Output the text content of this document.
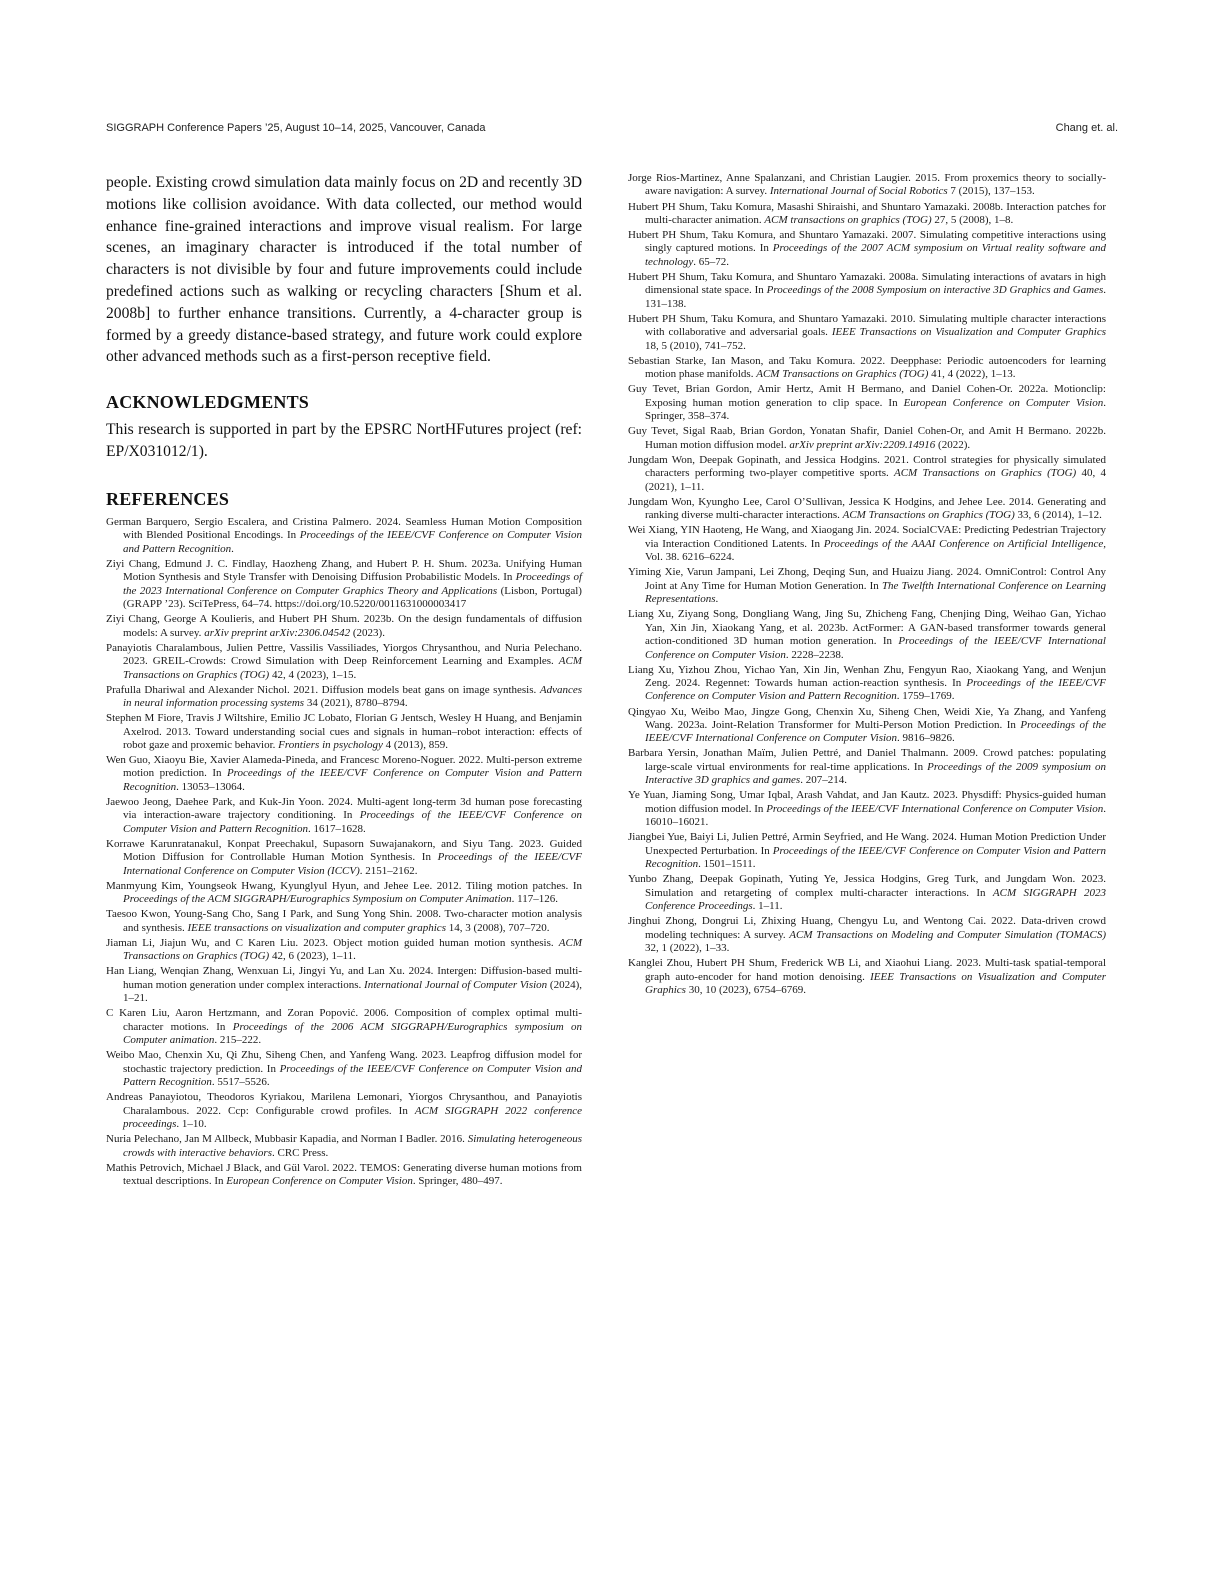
SIGGRAPH Conference Papers ’25, August 10–14, 2025, Vancouver, Canada	Chang et. al.

people. Existing crowd simulation data mainly focus on 2D and recently 3D motions like collision avoidance. With data collected, our method would enhance fine-grained interactions and improve visual realism. For large scenes, an imaginary character is introduced if the total number of characters is not divisible by four and future improvements could include predefined actions such as walking or recycling characters [Shum et al. 2008b] to further enhance transitions. Currently, a 4-character group is formed by a greedy distance-based strategy, and future work could explore other advanced methods such as a first-person receptive field.

ACKNOWLEDGMENTS

This research is supported in part by the EPSRC NortHFutures project (ref: EP/X031012/1).

REFERENCES
German Barquero, Sergio Escalera, and Cristina Palmero. 2024. Seamless Human Motion Composition with Blended Positional Encodings. In Proceedings of the IEEE/CVF Conference on Computer Vision and Pattern Recognition.
Ziyi Chang, Edmund J. C. Findlay, Haozheng Zhang, and Hubert P. H. Shum. 2023a. Unifying Human Motion Synthesis and Style Transfer with Denoising Diffusion Probabilistic Models. In Proceedings of the 2023 International Conference on Computer Graphics Theory and Applications (Lisbon, Portugal) (GRAPP ’23). SciTePress, 64–74. https://doi.org/10.5220/0011631000003417
Ziyi Chang, George A Koulieris, and Hubert PH Shum. 2023b. On the design fundamentals of diffusion models: A survey. arXiv preprint arXiv:2306.04542 (2023).
Panayiotis Charalambous, Julien Pettre, Vassilis Vassiliades, Yiorgos Chrysanthou, and Nuria Pelechano. 2023. GREIL-Crowds: Crowd Simulation with Deep Reinforcement Learning and Examples. ACM Transactions on Graphics (TOG) 42, 4 (2023), 1–15.
Prafulla Dhariwal and Alexander Nichol. 2021. Diffusion models beat gans on image synthesis. Advances in neural information processing systems 34 (2021), 8780–8794.
Stephen M Fiore, Travis J Wiltshire, Emilio JC Lobato, Florian G Jentsch, Wesley H Huang, and Benjamin Axelrod. 2013. Toward understanding social cues and signals in human–robot interaction: effects of robot gaze and proxemic behavior. Frontiers in psychology 4 (2013), 859.
Wen Guo, Xiaoyu Bie, Xavier Alameda-Pineda, and Francesc Moreno-Noguer. 2022. Multi-person extreme motion prediction. In Proceedings of the IEEE/CVF Conference on Computer Vision and Pattern Recognition. 13053–13064.
Jaewoo Jeong, Daehee Park, and Kuk-Jin Yoon. 2024. Multi-agent long-term 3d human pose forecasting via interaction-aware trajectory conditioning. In Proceedings of the IEEE/CVF Conference on Computer Vision and Pattern Recognition. 1617–1628.
Korrawe Karunratanakul, Konpat Preechakul, Supasorn Suwajanakorn, and Siyu Tang. 2023. Guided Motion Diffusion for Controllable Human Motion Synthesis. In Proceedings of the IEEE/CVF International Conference on Computer Vision (ICCV). 2151–2162.
Manmyung Kim, Youngseok Hwang, Kyunglyul Hyun, and Jehee Lee. 2012. Tiling motion patches. In Proceedings of the ACM SIGGRAPH/Eurographics Symposium on Computer Animation. 117–126.
Taesoo Kwon, Young-Sang Cho, Sang I Park, and Sung Yong Shin. 2008. Two-character motion analysis and synthesis. IEEE transactions on visualization and computer graphics 14, 3 (2008), 707–720.
Jiaman Li, Jiajun Wu, and C Karen Liu. 2023. Object motion guided human motion synthesis. ACM Transactions on Graphics (TOG) 42, 6 (2023), 1–11.
Han Liang, Wenqian Zhang, Wenxuan Li, Jingyi Yu, and Lan Xu. 2024. Intergen: Diffusion-based multi-human motion generation under complex interactions. International Journal of Computer Vision (2024), 1–21.
C Karen Liu, Aaron Hertzmann, and Zoran Popović. 2006. Composition of complex optimal multi-character motions. In Proceedings of the 2006 ACM SIGGRAPH/Eurographics symposium on Computer animation. 215–222.
Weibo Mao, Chenxin Xu, Qi Zhu, Siheng Chen, and Yanfeng Wang. 2023. Leapfrog diffusion model for stochastic trajectory prediction. In Proceedings of the IEEE/CVF Conference on Computer Vision and Pattern Recognition. 5517–5526.
Andreas Panayiotou, Theodoros Kyriakou, Marilena Lemonari, Yiorgos Chrysanthou, and Panayiotis Charalambous. 2022. Ccp: Configurable crowd profiles. In ACM SIGGRAPH 2022 conference proceedings. 1–10.
Nuria Pelechano, Jan M Allbeck, Mubbasir Kapadia, and Norman I Badler. 2016. Simulating heterogeneous crowds with interactive behaviors. CRC Press.
Mathis Petrovich, Michael J Black, and Gül Varol. 2022. TEMOS: Generating diverse human motions from textual descriptions. In European Conference on Computer Vision. Springer, 480–497.
Jorge Rios-Martinez, Anne Spalanzani, and Christian Laugier. 2015. From proxemics theory to socially-aware navigation: A survey. International Journal of Social Robotics 7 (2015), 137–153.
Hubert PH Shum, Taku Komura, Masashi Shiraishi, and Shuntaro Yamazaki. 2008b. Interaction patches for multi-character animation. ACM transactions on graphics (TOG) 27, 5 (2008), 1–8.
Hubert PH Shum, Taku Komura, and Shuntaro Yamazaki. 2007. Simulating competitive interactions using singly captured motions. In Proceedings of the 2007 ACM symposium on Virtual reality software and technology. 65–72.
Hubert PH Shum, Taku Komura, and Shuntaro Yamazaki. 2008a. Simulating interactions of avatars in high dimensional state space. In Proceedings of the 2008 Symposium on interactive 3D Graphics and Games. 131–138.
Hubert PH Shum, Taku Komura, and Shuntaro Yamazaki. 2010. Simulating multiple character interactions with collaborative and adversarial goals. IEEE Transactions on Visualization and Computer Graphics 18, 5 (2010), 741–752.
Sebastian Starke, Ian Mason, and Taku Komura. 2022. Deepphase: Periodic autoencoders for learning motion phase manifolds. ACM Transactions on Graphics (TOG) 41, 4 (2022), 1–13.
Guy Tevet, Brian Gordon, Amir Hertz, Amit H Bermano, and Daniel Cohen-Or. 2022a. Motionclip: Exposing human motion generation to clip space. In European Conference on Computer Vision. Springer, 358–374.
Guy Tevet, Sigal Raab, Brian Gordon, Yonatan Shafir, Daniel Cohen-Or, and Amit H Bermano. 2022b. Human motion diffusion model. arXiv preprint arXiv:2209.14916 (2022).
Jungdam Won, Deepak Gopinath, and Jessica Hodgins. 2021. Control strategies for physically simulated characters performing two-player competitive sports. ACM Transactions on Graphics (TOG) 40, 4 (2021), 1–11.
Jungdam Won, Kyungho Lee, Carol O’Sullivan, Jessica K Hodgins, and Jehee Lee. 2014. Generating and ranking diverse multi-character interactions. ACM Transactions on Graphics (TOG) 33, 6 (2014), 1–12.
Wei Xiang, YIN Haoteng, He Wang, and Xiaogang Jin. 2024. SocialCVAE: Predicting Pedestrian Trajectory via Interaction Conditioned Latents. In Proceedings of the AAAI Conference on Artificial Intelligence, Vol. 38. 6216–6224.
Yiming Xie, Varun Jampani, Lei Zhong, Deqing Sun, and Huaizu Jiang. 2024. OmniControl: Control Any Joint at Any Time for Human Motion Generation. In The Twelfth International Conference on Learning Representations.
Liang Xu, Ziyang Song, Dongliang Wang, Jing Su, Zhicheng Fang, Chenjing Ding, Weihao Gan, Yichao Yan, Xin Jin, Xiaokang Yang, et al. 2023b. ActFormer: A GAN-based transformer towards general action-conditioned 3D human motion generation. In Proceedings of the IEEE/CVF International Conference on Computer Vision. 2228–2238.
Liang Xu, Yizhou Zhou, Yichao Yan, Xin Jin, Wenhan Zhu, Fengyun Rao, Xiaokang Yang, and Wenjun Zeng. 2024. Regennet: Towards human action-reaction synthesis. In Proceedings of the IEEE/CVF Conference on Computer Vision and Pattern Recognition. 1759–1769.
Qingyao Xu, Weibo Mao, Jingze Gong, Chenxin Xu, Siheng Chen, Weidi Xie, Ya Zhang, and Yanfeng Wang. 2023a. Joint-Relation Transformer for Multi-Person Motion Prediction. In Proceedings of the IEEE/CVF International Conference on Computer Vision. 9816–9826.
Barbara Yersin, Jonathan Maïm, Julien Pettré, and Daniel Thalmann. 2009. Crowd patches: populating large-scale virtual environments for real-time applications. In Proceedings of the 2009 symposium on Interactive 3D graphics and games. 207–214.
Ye Yuan, Jiaming Song, Umar Iqbal, Arash Vahdat, and Jan Kautz. 2023. Physdiff: Physics-guided human motion diffusion model. In Proceedings of the IEEE/CVF International Conference on Computer Vision. 16010–16021.
Jiangbei Yue, Baiyi Li, Julien Pettré, Armin Seyfried, and He Wang. 2024. Human Motion Prediction Under Unexpected Perturbation. In Proceedings of the IEEE/CVF Conference on Computer Vision and Pattern Recognition. 1501–1511.
Yunbo Zhang, Deepak Gopinath, Yuting Ye, Jessica Hodgins, Greg Turk, and Jungdam Won. 2023. Simulation and retargeting of complex multi-character interactions. In ACM SIGGRAPH 2023 Conference Proceedings. 1–11.
Jinghui Zhong, Dongrui Li, Zhixing Huang, Chengyu Lu, and Wentong Cai. 2022. Data-driven crowd modeling techniques: A survey. ACM Transactions on Modeling and Computer Simulation (TOMACS) 32, 1 (2022), 1–33.
Kanglei Zhou, Hubert PH Shum, Frederick WB Li, and Xiaohui Liang. 2023. Multi-task spatial-temporal graph auto-encoder for hand motion denoising. IEEE Transactions on Visualization and Computer Graphics 30, 10 (2023), 6754–6769.
